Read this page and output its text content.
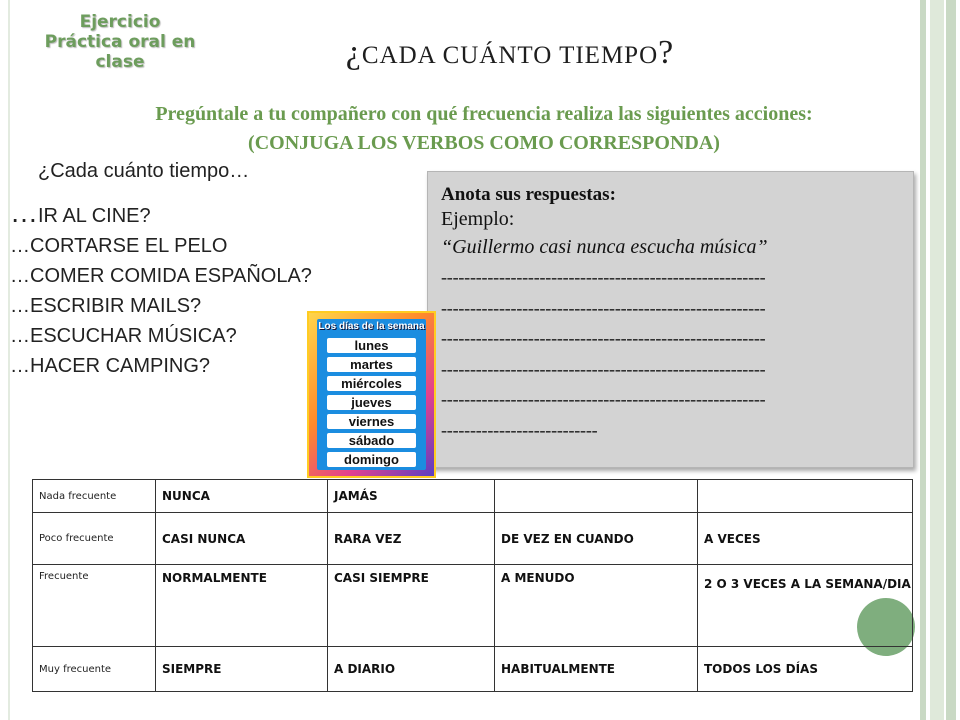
Ejercicio
Práctica oral en clase	¿CADA CUÁNTO TIEMPO?
Pregúntale a tu compañero con qué frecuencia realiza las siguientes acciones:
(CONJUGA LOS VERBOS COMO CORRESPONDA)
¿Cada cuánto tiempo…
…IR AL CINE?
…CORTARSE EL PELO
…COMER COMIDA ESPAÑOLA?
…ESCRIBIR MAILS?
…ESCUCHAR MÚSICA?
…HACER CAMPING?
Anota sus respuestas:
Ejemplo:
“Guillermo casi nunca escucha música”
--------------------------------------------------------
--------------------------------------------------------
--------------------------------------------------------
--------------------------------------------------------
--------------------------------------------------------
---------------------------
Los días de la semana
lunes
martes
miércoles
jueves
viernes
sábado
domingo
Nada frecuente	NUNCA	JAMÁS		
Poco frecuente	CASI NUNCA	RARA VEZ	DE VEZ EN CUANDO	A VECES
Frecuente	NORMALMENTE	CASI SIEMPRE	A MENUDO	2 O 3 VECES A LA SEMANA/DIA
Muy frecuente	SIEMPRE	A DIARIO	HABITUALMENTE	TODOS LOS DÍAS
